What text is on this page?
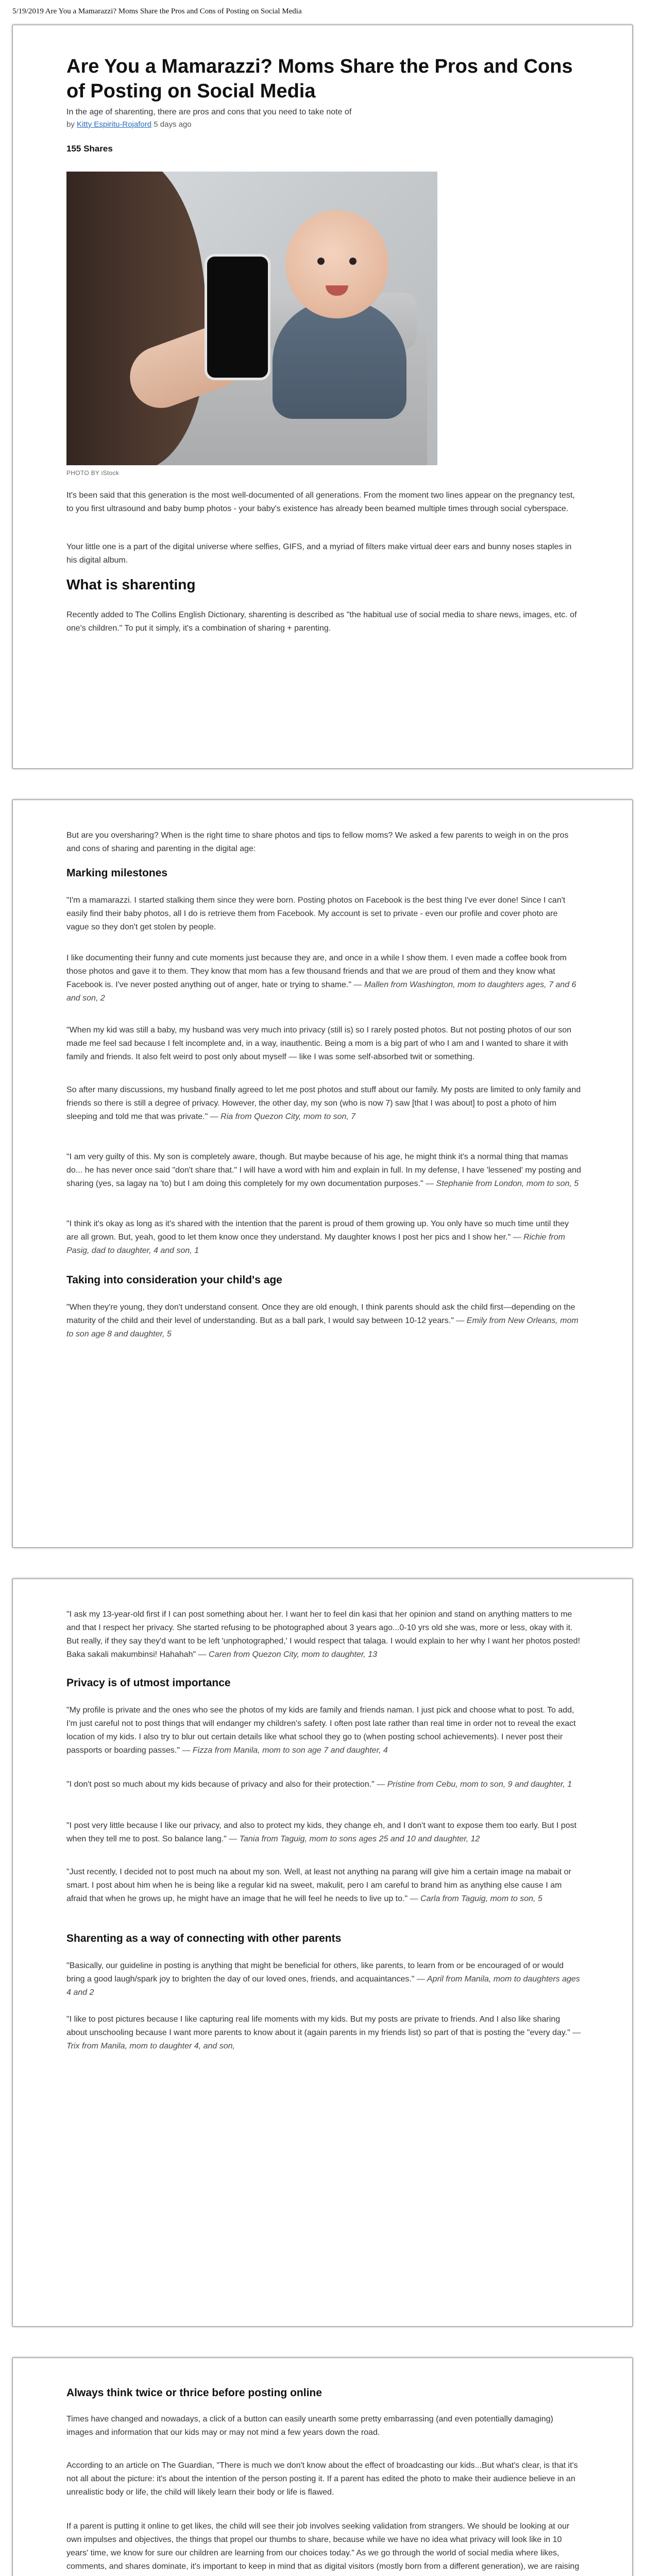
5/19/2019 Are You a Mamarazzi? Moms Share the Pros and Cons of Posting on Social Media
Are You a Mamarazzi? Moms Share the Pros and Cons of Posting on Social Media

In the age of sharenting, there are pros and cons that you need to take note of

by Kitty Espiritu-Rojaford 5 days ago
155 Shares
PHOTO BY iStock

It's been said that this generation is the most well-documented of all generations. From the moment two lines appear on the pregnancy test, to you first ultrasound and baby bump photos - your baby's existence has already been beamed multiple times through social cyberspace.

Your little one is a part of the digital universe where selfies, GIFS, and a myriad of filters make virtual deer ears and bunny noses staples in his digital album.

What is sharenting

Recently added to The Collins English Dictionary, sharenting is described as "the habitual use of social media to share news, images, etc. of one's children." To put it simply, it's a combination of sharing + parenting.

But are you oversharing? When is the right time to share photos and tips to fellow moms? We asked a few parents to weigh in on the pros and cons of sharing and parenting in the digital age:

Marking milestones

"I'm a mamarazzi. I started stalking them since they were born. Posting photos on Facebook is the best thing I've ever done! Since I can't easily find their baby photos, all I do is retrieve them from Facebook. My account is set to private - even our profile and cover photo are vague so they don't get stolen by people.

I like documenting their funny and cute moments just because they are, and once in a while I show them. I even made a coffee book from those photos and gave it to them. They know that mom has a few thousand friends and that we are proud of them and they know what Facebook is. I've never posted anything out of anger, hate or trying to shame." — Mallen from Washington, mom to daughters ages, 7 and 6 and son, 2

"When my kid was still a baby, my husband was very much into privacy (still is) so I rarely posted photos. But not posting photos of our son made me feel sad because I felt incomplete and, in a way, inauthentic. Being a mom is a big part of who I am and I wanted to share it with family and friends. It also felt weird to post only about myself — like I was some self-absorbed twit or something.

So after many discussions, my husband finally agreed to let me post photos and stuff about our family. My posts are limited to only family and friends so there is still a degree of privacy. However, the other day, my son (who is now 7) saw [that I was about] to post a photo of him sleeping and told me that was private." — Ria from Quezon City, mom to son, 7

"I am very guilty of this. My son is completely aware, though. But maybe because of his age, he might think it's a normal thing that mamas do... he has never once said "don't share that." I will have a word with him and explain in full. In my defense, I have 'lessened' my posting and sharing (yes, sa lagay na 'to) but I am doing this completely for my own documentation purposes." — Stephanie from London, mom to son, 5

"I think it's okay as long as it's shared with the intention that the parent is proud of them growing up. You only have so much time until they are all grown. But, yeah, good to let them know once they understand. My daughter knows I post her pics and I show her." — Richie from Pasig, dad to daughter, 4 and son, 1

Taking into consideration your child's age

"When they're young, they don't understand consent. Once they are old enough, I think parents should ask the child first—depending on the maturity of the child and their level of understanding. But as a ball park, I would say between 10-12 years." — Emily from New Orleans, mom to son age 8 and daughter, 5

"I ask my 13-year-old first if I can post something about her. I want her to feel din kasi that her opinion and stand on anything matters to me and that I respect her privacy. She started refusing to be photographed about 3 years ago...0-10 yrs old she was, more or less, okay with it. But really, if they say they'd want to be left 'unphotographed,' I would respect that talaga. I would explain to her why I want her photos posted! Baka sakali makumbinsi! Hahahah" — Caren from Quezon City, mom to daughter, 13

Privacy is of utmost importance

"My profile is private and the ones who see the photos of my kids are family and friends naman. I just pick and choose what to post. To add, I'm just careful not to post things that will endanger my children's safety. I often post late rather than real time in order not to reveal the exact location of my kids. I also try to blur out certain details like what school they go to (when posting school achievements). I never post their passports or boarding passes." — Fizza from Manila, mom to son age 7 and daughter, 4

"I don't post so much about my kids because of privacy and also for their protection." — Pristine from Cebu, mom to son, 9 and daughter, 1

"I post very little because I like our privacy, and also to protect my kids, they change eh, and I don't want to expose them too early. But I post when they tell me to post. So balance lang." — Tania from Taguig, mom to sons ages 25 and 10 and daughter, 12

"Just recently, I decided not to post much na about my son. Well, at least not anything na parang will give him a certain image na mabait or smart. I post about him when he is being like a regular kid na sweet, makulit, pero I am careful to brand him as anything else cause I am afraid that when he grows up, he might have an image that he will feel he needs to live up to." — Carla from Taguig, mom to son, 5

Sharenting as a way of connecting with other parents

"Basically, our guideline in posting is anything that might be beneficial for others, like parents, to learn from or be encouraged of or would bring a good laugh/spark joy to brighten the day of our loved ones, friends, and acquaintances." — April from Manila, mom to daughters ages 4 and 2

"I like to post pictures because I like capturing real life moments with my kids. But my posts are private to friends. And I also like sharing about unschooling because I want more parents to know about it (again parents in my friends list) so part of that is posting the "every day." — Trix from Manila, mom to daughter 4, and son,

Always think twice or thrice before posting online

Times have changed and nowadays, a click of a button can easily unearth some pretty embarrassing (and even potentially damaging) images and information that our kids may or may not mind a few years down the road.

According to an article on The Guardian, "There is much we don't know about the effect of broadcasting our kids...But what's clear, is that it's not all about the picture: it's about the intention of the person posting it. If a parent has edited the photo to make their audience believe in an unrealistic body or life, the child will likely learn their body or life is flawed.

If a parent is putting it online to get likes, the child will see their job involves seeking validation from strangers. We should be looking at our own impulses and objectives, the things that propel our thumbs to share, because while we have no idea what privacy will look like in 10 years' time, we know for sure our children are learning from our choices today." As we go through the world of social media where likes, comments, and shares dominate, it's important to keep in mind that as digital visitors (mostly born from a different generation), we are raising
